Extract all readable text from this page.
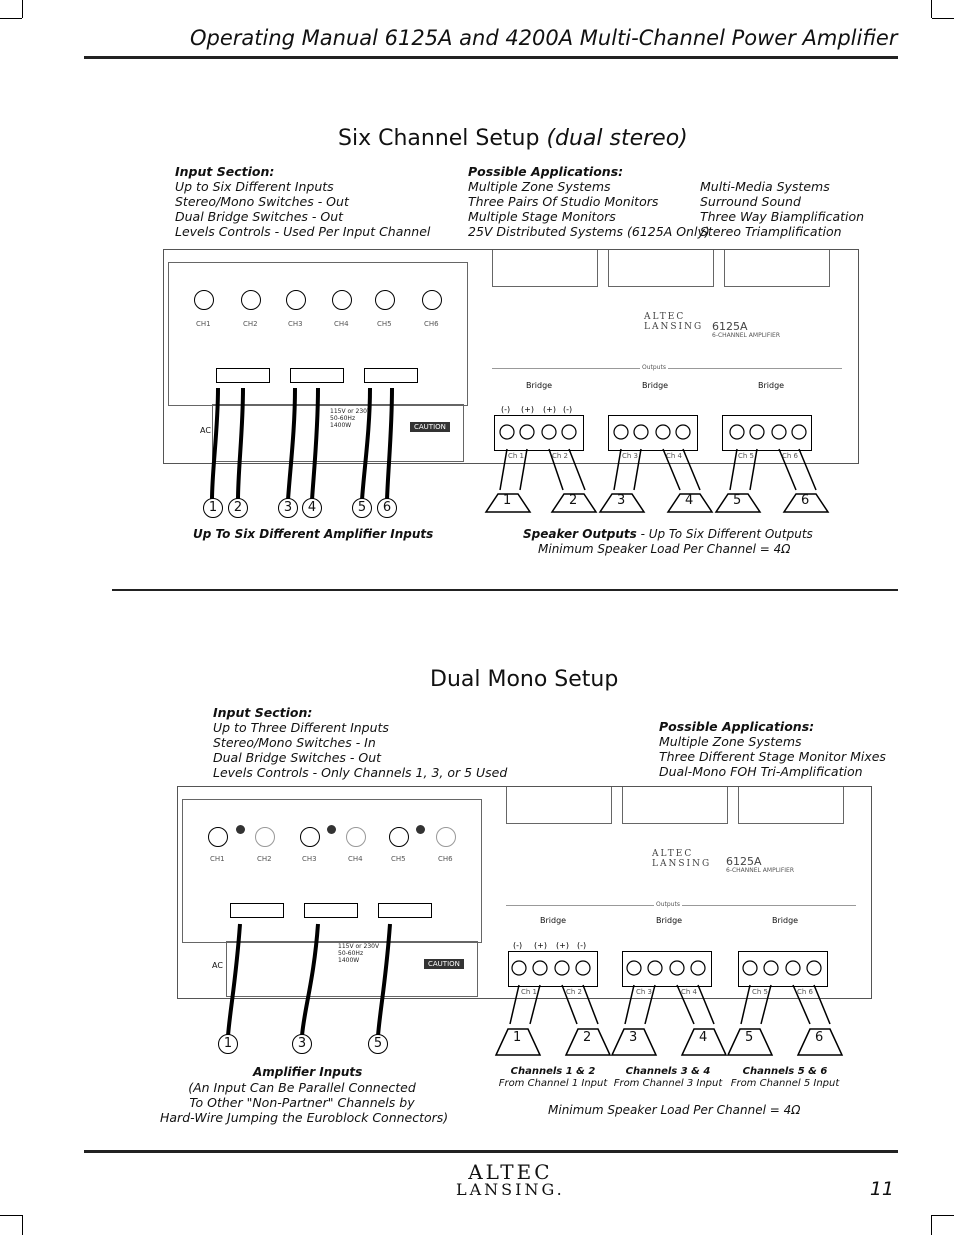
Operating Manual 6125A and 4200A Multi-Channel Power Amplifier
Six Channel Setup (dual stereo)
Input Section:
Up to Six Different Inputs
Stereo/Mono Switches - Out
Dual Bridge Switches - Out
Levels Controls - Used Per Input Channel
Possible Applications:
Multiple Zone Systems
Three Pairs Of Studio Monitors
Multiple Stage Monitors
25V Distributed Systems (6125A Only)
Multi-Media Systems
Surround Sound
Three Way Biamplification
Stereo Triamplification
AC	CAUTION
115V or 230V
50-60Hz
1400W
CH1	CH2	CH3	CH4	CH5	CH6
ALTEC
LANSING 6125A
6-CHANNEL AMPLIFIER
Outputs
Bridge	Bridge	Bridge
(-) (+) (+) (-)
Ch 1	Ch 2	Ch 3	Ch 4	Ch 5	Ch 6
1	2	3	4	5	6	1	2	3	4	5	6
Up To Six Different Amplifier Inputs	Speaker Outputs - Up To Six Different Outputs
Minimum Speaker Load Per Channel = 4Ω
Dual Mono Setup
Input Section:
Up to Three Different Inputs
Stereo/Mono Switches - In
Dual Bridge Switches - Out
Levels Controls - Only Channels 1, 3, or 5 Used
Possible Applications:
Multiple Zone Systems
Three Different Stage Monitor Mixes
Dual-Mono FOH Tri-Amplification
AC	CAUTION
115V or 230V
50-60Hz
1400W
CH1	CH2	CH3	CH4	CH5	CH6	ALTEC
LANSING 6125A
6-CHANNEL AMPLIFIER
Outputs
Bridge	Bridge	Bridge
(-) (+) (+) (-)
Ch 1	Ch 2	Ch 3	Ch 4	Ch 5	Ch 6
1	3	5	1	2	3	4	5	6
Amplifier Inputs
(An Input Can Be Parallel Connected
To Other "Non-Partner" Channels by
Hard-Wire Jumping the Euroblock Connectors)
Channels 1 & 2
From Channel 1 Input
Channels 3 & 4
From Channel 3 Input
Channels 5 & 6
From Channel 5 Input
Minimum Speaker Load Per Channel = 4Ω
ALTEC
LANSING.	11
